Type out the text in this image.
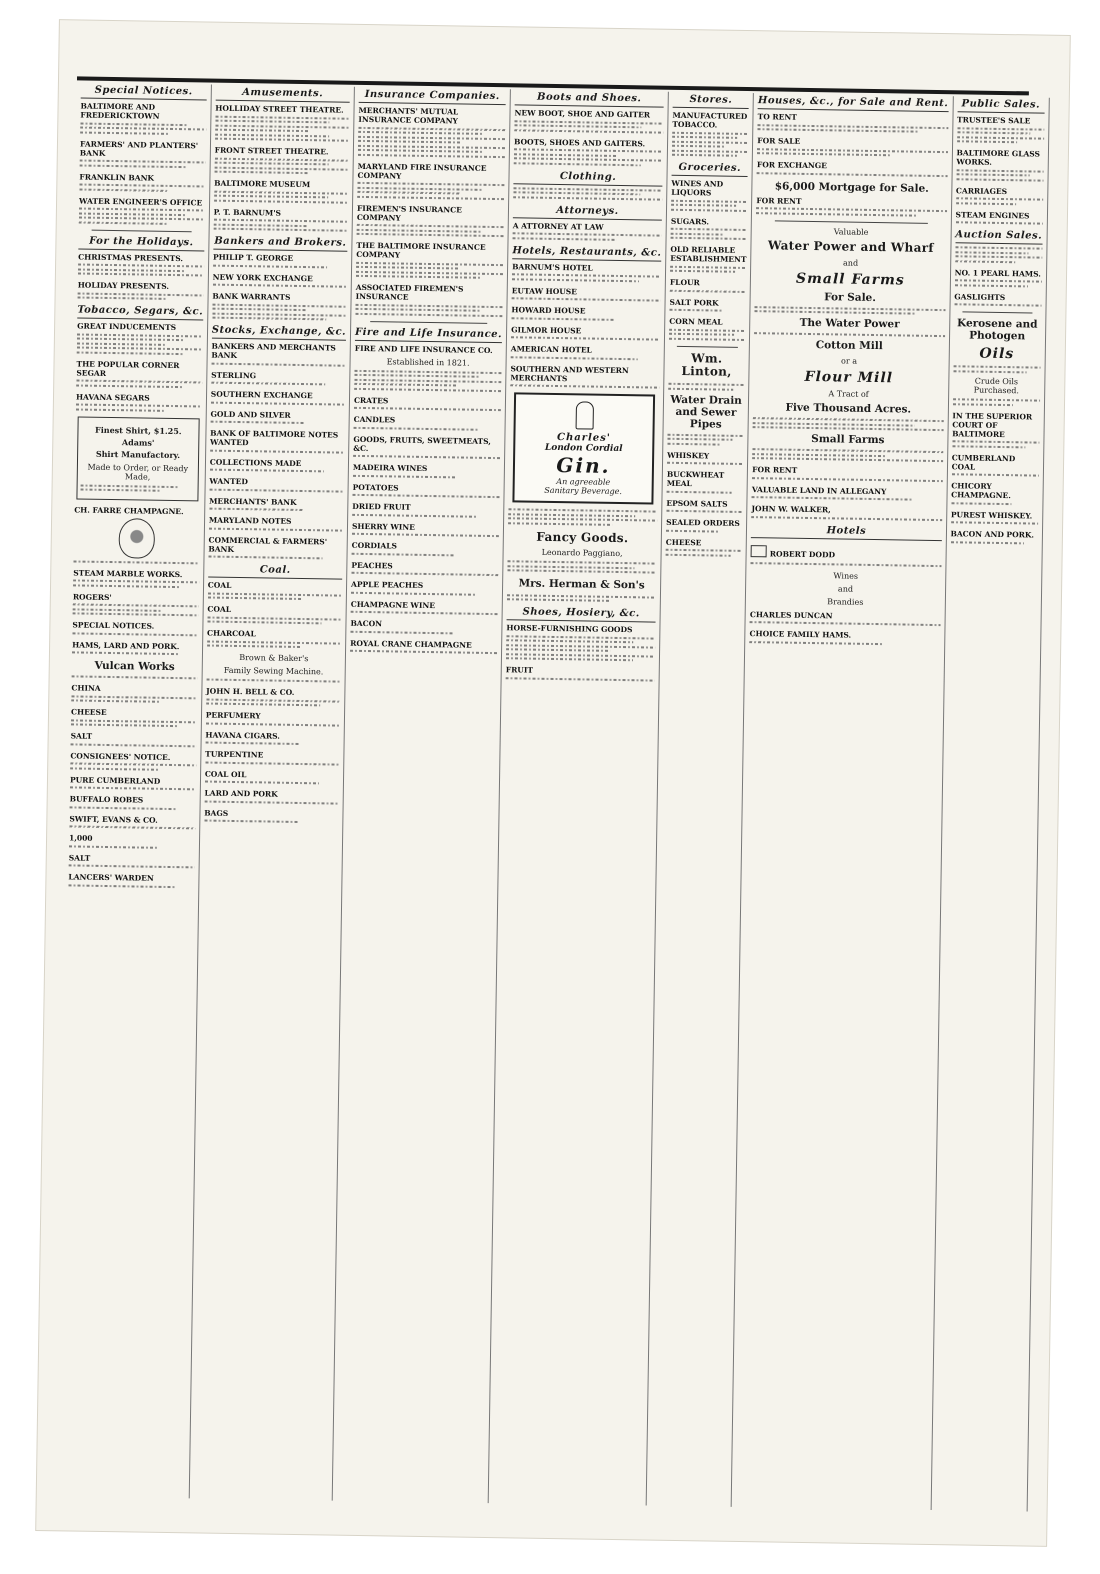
Special Notices.
BALTIMORE AND FREDERICKTOWN
FARMERS' AND PLANTERS' BANK
FRANKLIN BANK
WATER ENGINEER'S OFFICE
For the Holidays.
CHRISTMAS PRESENTS.
HOLIDAY PRESENTS.
Tobacco, Segars, &c.
GREAT INDUCEMENTS
THE POPULAR CORNER SEGAR
HAVANA SEGARS
Finest Shirt, $1.25.
Adams'
Shirt Manufactory.
Made to Order, or Ready Made,
CH. FARRE CHAMPAGNE.
STEAM MARBLE WORKS.
ROGERS'
SPECIAL NOTICES.
HAMS, LARD AND PORK.
Vulcan Works
CHINA
CHEESE
SALT
CONSIGNEES' NOTICE.
PURE CUMBERLAND
BUFFALO ROBES
SWIFT, EVANS & CO.
1,000
SALT
LANCERS' WARDEN
Amusements.
HOLLIDAY STREET THEATRE.
FRONT STREET THEATRE.
BALTIMORE MUSEUM
P. T. BARNUM'S
Bankers and Brokers.
PHILIP T. GEORGE
NEW YORK EXCHANGE
BANK WARRANTS
Stocks, Exchange, &c.
BANKERS AND MERCHANTS BANK
STERLING
SOUTHERN EXCHANGE
GOLD AND SILVER
BANK OF BALTIMORE NOTES WANTED
COLLECTIONS MADE
WANTED
MERCHANTS' BANK
MARYLAND NOTES
COMMERCIAL & FARMERS' BANK
Coal.
COAL
COAL
CHARCOAL
Brown & Baker's
Family Sewing Machine.
JOHN H. BELL & CO.
PERFUMERY
HAVANA CIGARS.
TURPENTINE
COAL OIL
LARD AND PORK
BAGS
Insurance Companies.
MERCHANTS' MUTUAL INSURANCE COMPANY
MARYLAND FIRE INSURANCE COMPANY
FIREMEN'S INSURANCE COMPANY
THE BALTIMORE INSURANCE COMPANY
ASSOCIATED FIREMEN'S INSURANCE
Fire and Life Insurance.
FIRE AND LIFE INSURANCE CO.
Established in 1821.
CRATES
CANDLES
GOODS, FRUITS, SWEETMEATS, &C.
MADEIRA WINES
POTATOES
DRIED FRUIT
SHERRY WINE
CORDIALS
PEACHES
APPLE PEACHES
CHAMPAGNE WINE
BACON
ROYAL CRANE CHAMPAGNE
Boots and Shoes.
NEW BOOT, SHOE AND GAITER
BOOTS, SHOES AND GAITERS.
Clothing.
Attorneys.
A ATTORNEY AT LAW
Hotels, Restaurants, &c.
BARNUM'S HOTEL
EUTAW HOUSE
HOWARD HOUSE
GILMOR HOUSE
AMERICAN HOTEL
SOUTHERN AND WESTERN MERCHANTS
Charles'
London Cordial
Gin.
An agreeable
Sanitary Beverage.
Fancy Goods.
Leonardo Paggiano,
Mrs. Herman & Son's
Shoes, Hosiery, &c.
HORSE-FURNISHING GOODS
FRUIT
Stores.
MANUFACTURED TOBACCO.
Groceries.
WINES AND LIQUORS
SUGARS.
OLD RELIABLE ESTABLISHMENT
FLOUR
SALT PORK
CORN MEAL
Wm. Linton,
Water Drain and Sewer Pipes
WHISKEY
BUCKWHEAT MEAL
EPSOM SALTS
SEALED ORDERS
CHEESE
Houses, &c., for Sale and Rent.
TO RENT
FOR SALE
FOR EXCHANGE
$6,000 Mortgage for Sale.
FOR RENT
Valuable
Water Power and Wharf
and
Small Farms
For Sale.
The Water Power
Cotton Mill
or a
Flour Mill
A Tract of
Five Thousand Acres.
Small Farms
FOR RENT
VALUABLE LAND IN ALLEGANY
JOHN W. WALKER,
Hotels
ROBERT DODD
Wines
and
Brandies
CHARLES DUNCAN
CHOICE FAMILY HAMS.
Public Sales.
TRUSTEE'S SALE
BALTIMORE GLASS WORKS.
CARRIAGES
STEAM ENGINES
Auction Sales.
NO. 1 PEARL HAMS.
GASLIGHTS
Kerosene and Photogen
Oils
Crude Oils Purchased.
IN THE SUPERIOR COURT OF BALTIMORE
CUMBERLAND COAL
CHICORY CHAMPAGNE.
PUREST WHISKEY.
BACON AND PORK.
